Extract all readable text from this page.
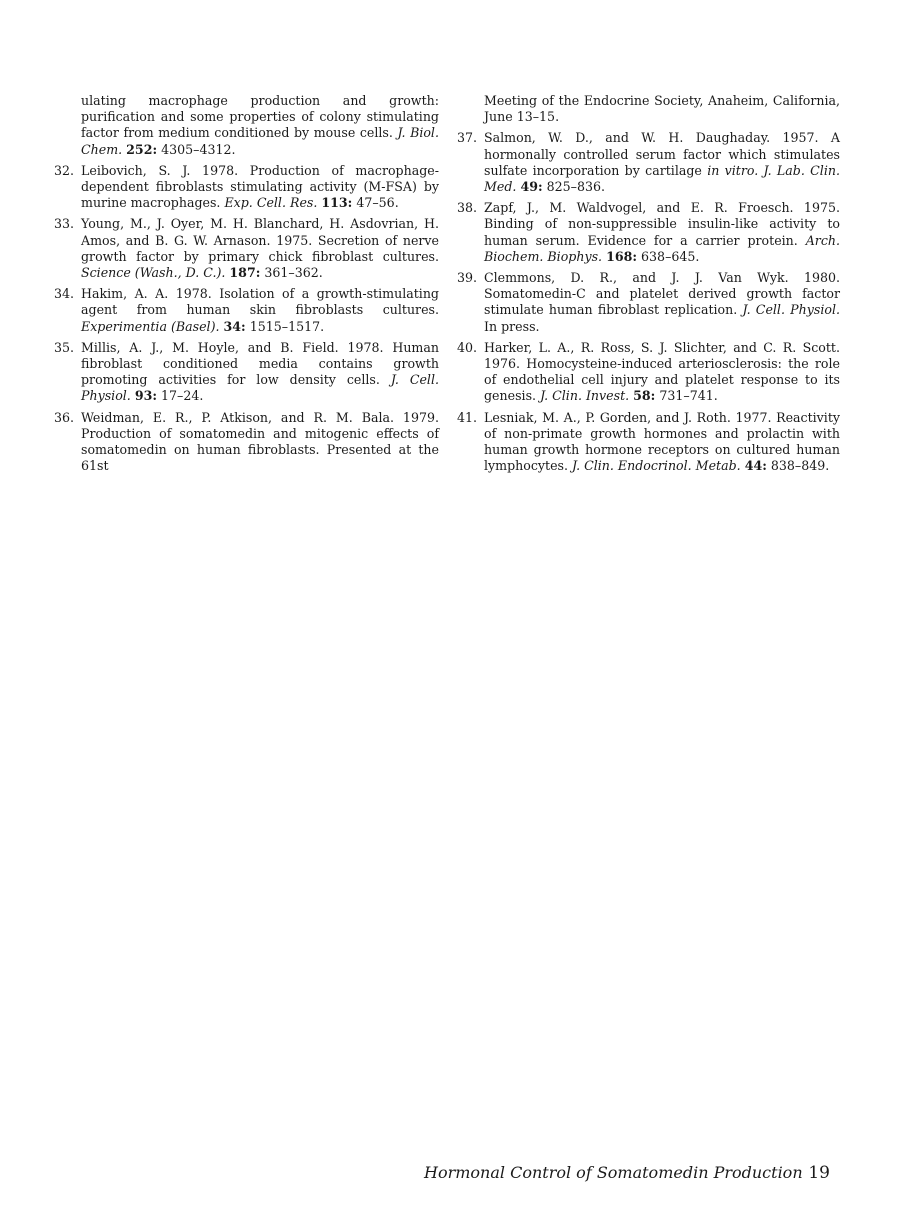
ulating macrophage production and growth: purification and some properties of colony stimulating factor from medium conditioned by mouse cells. J. Biol. Chem. 252: 4305–4312.

32. Leibovich, S. J. 1978. Production of macrophage-dependent fibroblasts stimulating activity (M-FSA) by murine macrophages. Exp. Cell. Res. 113: 47–56.

33. Young, M., J. Oyer, M. H. Blanchard, H. Asdovrian, H. Amos, and B. G. W. Arnason. 1975. Secretion of nerve growth factor by primary chick fibroblast cultures. Science (Wash., D. C.). 187: 361–362.

34. Hakim, A. A. 1978. Isolation of a growth-stimulating agent from human skin fibroblasts cultures. Experimentia (Basel). 34: 1515–1517.

35. Millis, A. J., M. Hoyle, and B. Field. 1978. Human fibroblast conditioned media contains growth promoting activities for low density cells. J. Cell. Physiol. 93: 17–24.

36. Weidman, E. R., P. Atkison, and R. M. Bala. 1979. Production of somatomedin and mitogenic effects of somatomedin on human fibroblasts. Presented at the 61st

Meeting of the Endocrine Society, Anaheim, California, June 13–15.

37. Salmon, W. D., and W. H. Daughaday. 1957. A hormonally controlled serum factor which stimulates sulfate incorporation by cartilage in vitro. J. Lab. Clin. Med. 49: 825–836.

38. Zapf, J., M. Waldvogel, and E. R. Froesch. 1975. Binding of non-suppressible insulin-like activity to human serum. Evidence for a carrier protein. Arch. Biochem. Biophys. 168: 638–645.

39. Clemmons, D. R., and J. J. Van Wyk. 1980. Somatomedin-C and platelet derived growth factor stimulate human fibroblast replication. J. Cell. Physiol. In press.

40. Harker, L. A., R. Ross, S. J. Slichter, and C. R. Scott. 1976. Homocysteine-induced arteriosclerosis: the role of endothelial cell injury and platelet response to its genesis. J. Clin. Invest. 58: 731–741.

41. Lesniak, M. A., P. Gorden, and J. Roth. 1977. Reactivity of non-primate growth hormones and prolactin with human growth hormone receptors on cultured human lymphocytes. J. Clin. Endocrinol. Metab. 44: 838–849.

Hormonal Control of Somatomedin Production 19
